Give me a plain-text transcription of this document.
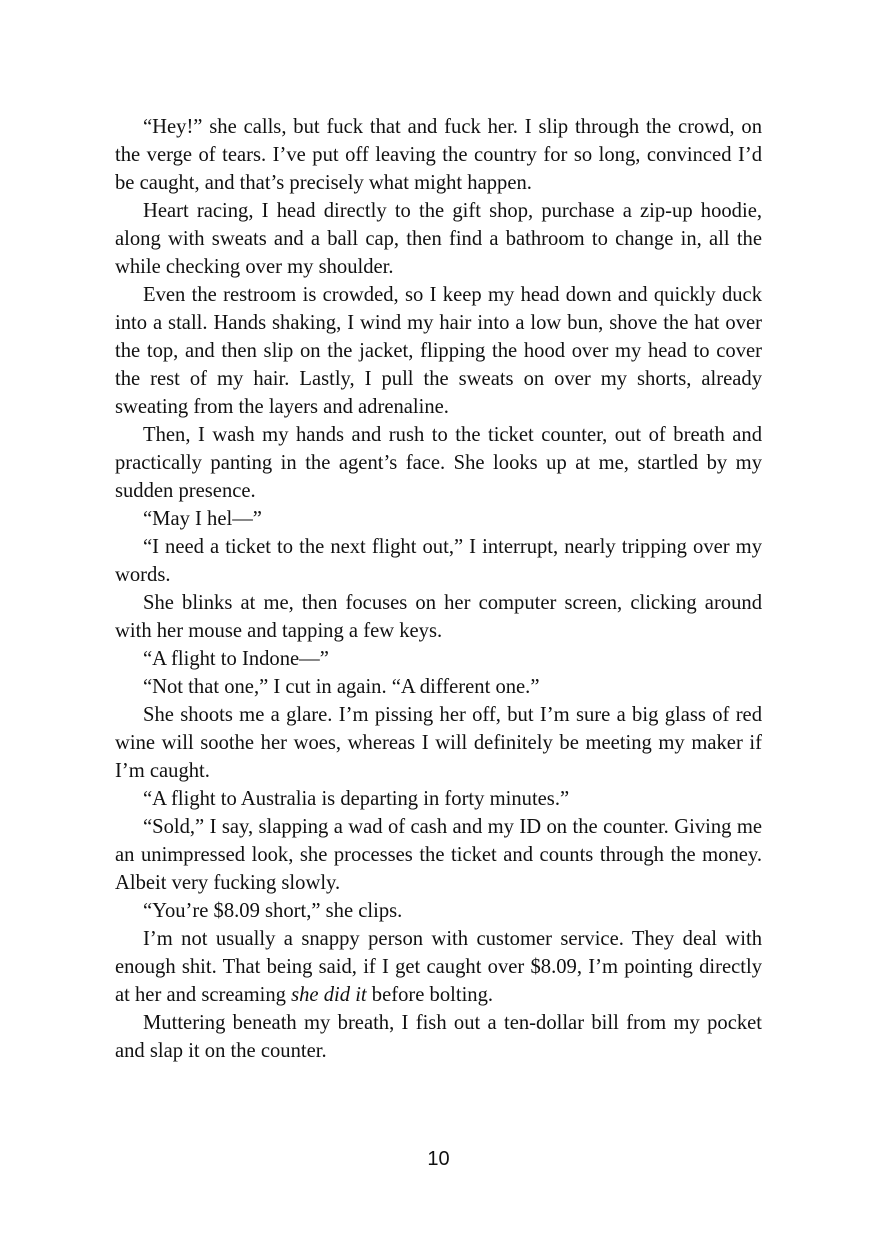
“Hey!” she calls, but fuck that and fuck her. I slip through the crowd, on the verge of tears. I’ve put off leaving the country for so long, convinced I’d be caught, and that’s precisely what might happen.

Heart racing, I head directly to the gift shop, purchase a zip-up hoodie, along with sweats and a ball cap, then find a bathroom to change in, all the while checking over my shoulder.

Even the restroom is crowded, so I keep my head down and quickly duck into a stall. Hands shaking, I wind my hair into a low bun, shove the hat over the top, and then slip on the jacket, flipping the hood over my head to cover the rest of my hair. Lastly, I pull the sweats on over my shorts, already sweating from the layers and adrenaline.

Then, I wash my hands and rush to the ticket counter, out of breath and practically panting in the agent’s face. She looks up at me, startled by my sudden presence.

“May I hel—”

“I need a ticket to the next flight out,” I interrupt, nearly tripping over my words.

She blinks at me, then focuses on her computer screen, clicking around with her mouse and tapping a few keys.

“A flight to Indone—”

“Not that one,” I cut in again. “A different one.”

She shoots me a glare. I’m pissing her off, but I’m sure a big glass of red wine will soothe her woes, whereas I will definitely be meeting my maker if I’m caught.

“A flight to Australia is departing in forty minutes.”

“Sold,” I say, slapping a wad of cash and my ID on the counter. Giving me an unimpressed look, she processes the ticket and counts through the money. Albeit very fucking slowly.

“You’re $8.09 short,” she clips.

I’m not usually a snappy person with customer service. They deal with enough shit. That being said, if I get caught over $8.09, I’m pointing directly at her and screaming she did it before bolting.

Muttering beneath my breath, I fish out a ten-dollar bill from my pocket and slap it on the counter.

10
